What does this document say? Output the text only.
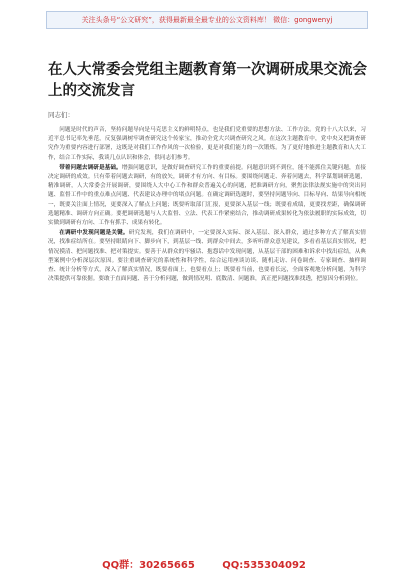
关注头条号“公文研究”，获得最新最全最专业的公文资料库！ 微信：gongwenyj
在人大常委会党组主题教育第一次调研成果交流会上的交流发言
同志们：

问题是时代的声音，坚持问题导向是马克思主义的鲜明特点，也是我们党重要的思想方法、工作方法。党的十八大以来，习近平总书记率先垂范，反复强调树牢调查研究这个传家宝，推动全党大兴调查研究之风。在这次主题教育中，党中央又把调查研究作为重要内容进行部署，这既是对我们工作作风的一次检验，更是对我们能力的一次锻炼。为了更好地推进主题教育和人大工作，结合工作实际，我谈几点认识和体会，供同志们参考。

带着问题去调研是基础。增强问题意识，是做好调查研究工作的重要前提。问题意识到不到位，能不能抓住关键问题，直接决定调研的成效。只有带着问题去调研，有的放矢，调研才有方向、有目标。要围绕问题走、奔着问题去，科学谋划调研选题，精准调研，人大常委会开展调研，要围绕人大中心工作和群众普遍关心的问题，把准调研方向，聚焦法律法规实施中的突出问题、监督工作中的重点难点问题、代表建议办理中的堵点问题。在确定调研选题时，要坚持问题导向、目标导向、结果导向相统一，既要关注面上情况，更要深入了解点上问题；既要听取部门汇报，更要深入基层一线；既要看成绩，更要找差距，确保调研选题精准、调研方向正确。要把调研选题与人大监督、立法、代表工作紧密结合，推动调研成果转化为依法履职的实际成效，切实做到调研有方向、工作有抓手、成果有转化。

在调研中发现问题是关键。研究发现，我们在调研中，一定要深入实际、深入基层、深入群众，通过多种方式了解真实情况，找准症结所在。要坚持眼睛向下、脚步向下，到基层一线、到群众中间去，多听听群众意见建议，多看看基层真实情况，把情况摸清、把问题找准、把对策提实。要善于从群众的牢骚话、抱怨话中发现问题，从基层干部的困难和诉求中找出症结，从典型案例中分析深层次原因。要注重调查研究的系统性和科学性，综合运用座谈访谈、随机走访、问卷调查、专家调查、抽样调查、统计分析等方式，深入了解真实情况，既要看面上，也要看点上；既要看当前，也要看长远，全面客观地分析问题，为科学决策提供可靠依据。要敢于直面问题、善于分析问题，做到情况明、底数清、问题准，真正把问题找准找透，把原因分析到位。

QQ群：30265665	QQ:535304092
